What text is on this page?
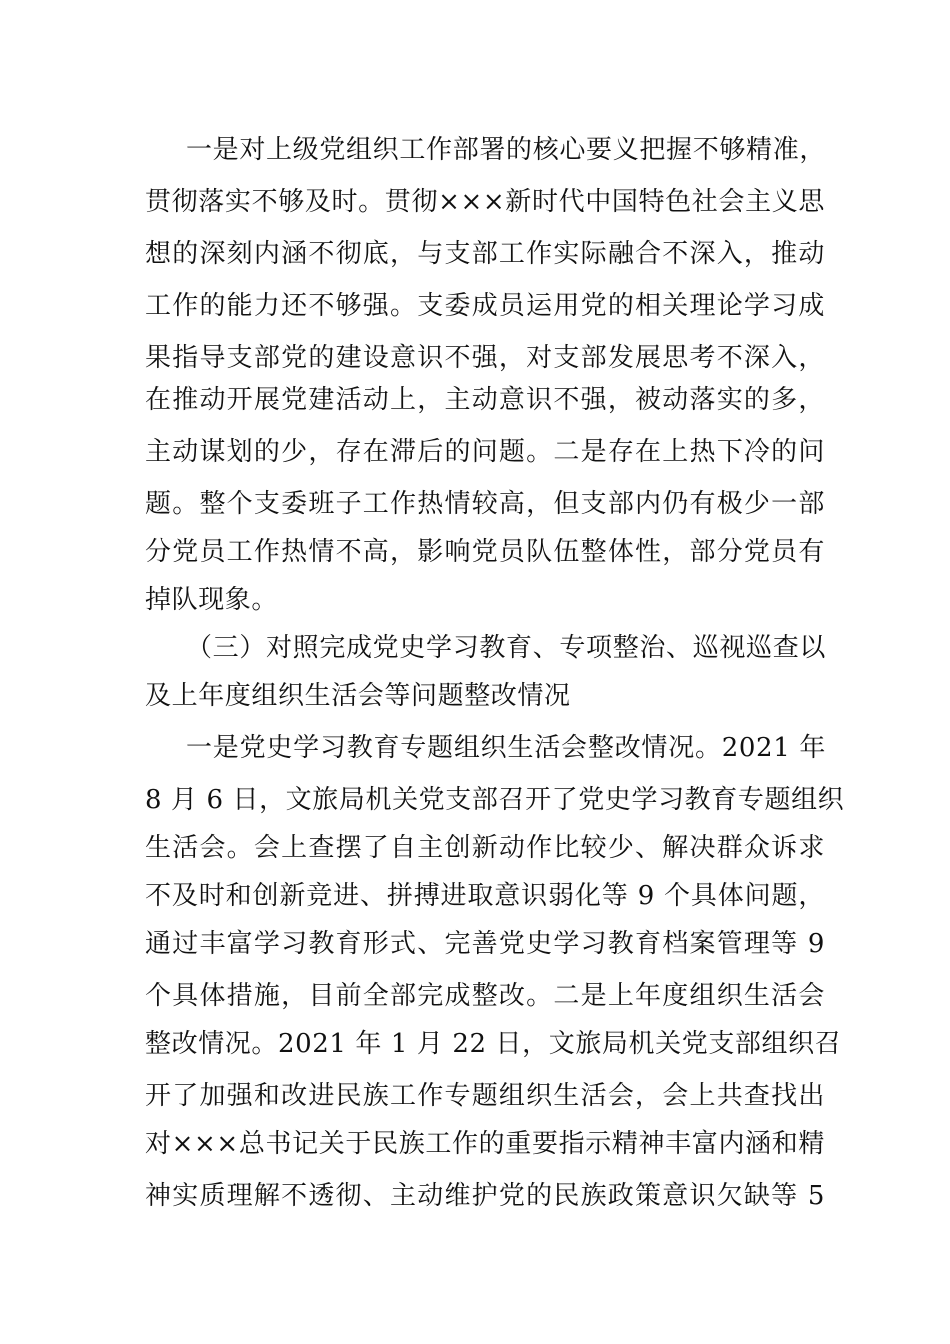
一是对上级党组织工作部署的核心要义把握不够精准，
贯彻落实不够及时。贯彻×××新时代中国特色社会主义思
想的深刻内涵不彻底，与支部工作实际融合不深入，推动
工作的能力还不够强。支委成员运用党的相关理论学习成
果指导支部党的建设意识不强，对支部发展思考不深入，
在推动开展党建活动上，主动意识不强，被动落实的多，
主动谋划的少，存在滞后的问题。二是存在上热下冷的问
题。整个支委班子工作热情较高，但支部内仍有极少一部
分党员工作热情不高，影响党员队伍整体性，部分党员有
掉队现象。
（三）对照完成党史学习教育、专项整治、巡视巡查以
及上年度组织生活会等问题整改情况
一是党史学习教育专题组织生活会整改情况。2021 年
8 月 6 日，文旅局机关党支部召开了党史学习教育专题组织
生活会。会上查摆了自主创新动作比较少、解决群众诉求
不及时和创新竞进、拼搏进取意识弱化等 9 个具体问题，
通过丰富学习教育形式、完善党史学习教育档案管理等 9
个具体措施，目前全部完成整改。二是上年度组织生活会
整改情况。2021 年 1 月 22 日，文旅局机关党支部组织召
开了加强和改进民族工作专题组织生活会，会上共查找出
对×××总书记关于民族工作的重要指示精神丰富内涵和精
神实质理解不透彻、主动维护党的民族政策意识欠缺等 5
